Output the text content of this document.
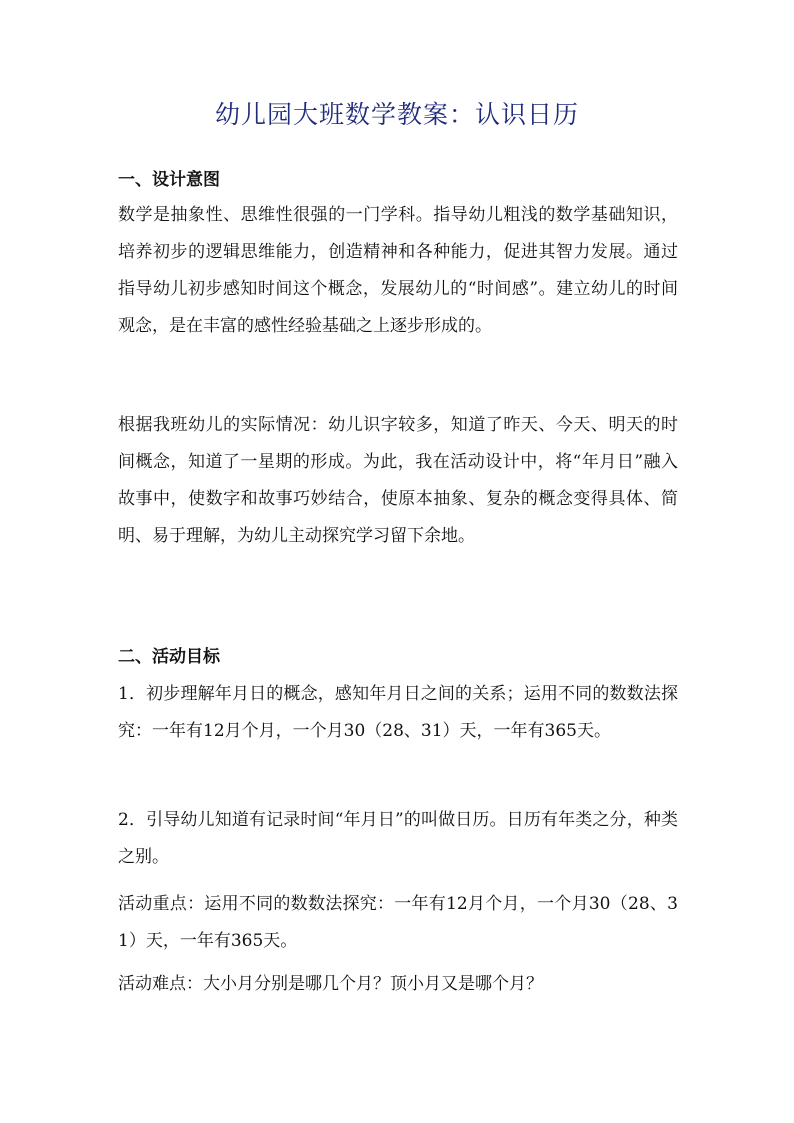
幼儿园大班数学教案：认识日历
一、设计意图
数学是抽象性、思维性很强的一门学科。指导幼儿粗浅的数学基础知识，培养初步的逻辑思维能力，创造精神和各种能力，促进其智力发展。通过指导幼儿初步感知时间这个概念，发展幼儿的“时间感”。建立幼儿的时间观念，是在丰富的感性经验基础之上逐步形成的。
根据我班幼儿的实际情况：幼儿识字较多，知道了昨天、今天、明天的时间概念，知道了一星期的形成。为此，我在活动设计中，将“年月日”融入故事中，使数字和故事巧妙结合，使原本抽象、复杂的概念变得具体、简明、易于理解，为幼儿主动探究学习留下余地。
二、活动目标
1．初步理解年月日的概念，感知年月日之间的关系；运用不同的数数法探究：一年有12月个月，一个月30（28、31）天，一年有365天。
2．引导幼儿知道有记录时间“年月日”的叫做日历。日历有年类之分，种类之别。
活动重点：运用不同的数数法探究：一年有12月个月，一个月30（28、31）天，一年有365天。
活动难点：大小月分别是哪几个月？顶小月又是哪个月？
